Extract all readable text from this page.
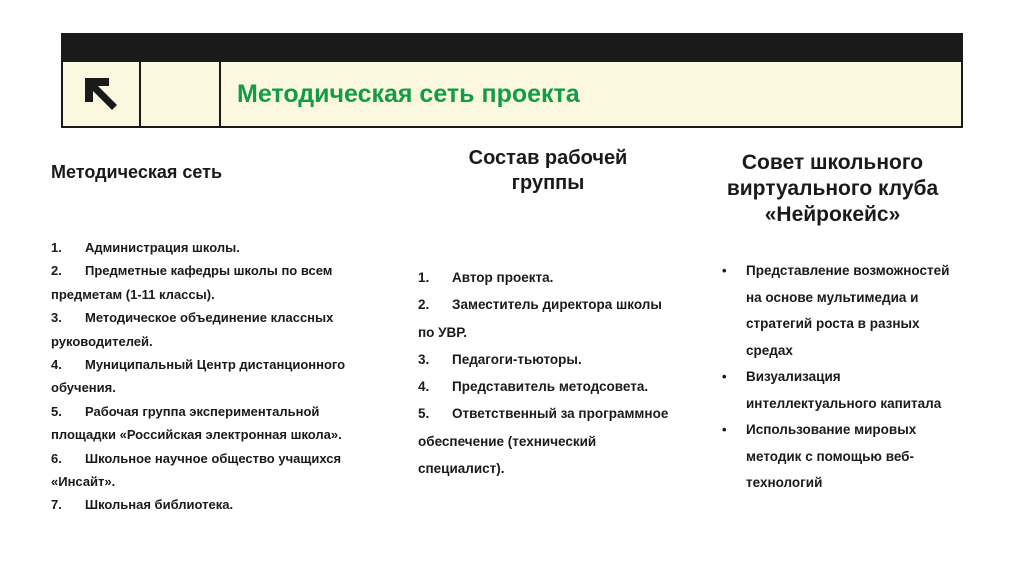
Методическая сеть проекта
Методическая сеть
1. Администрация школы.
2. Предметные кафедры школы по всем предметам (1-11 классы).
3. Методическое объединение классных руководителей.
4. Муниципальный Центр дистанционного обучения.
5. Рабочая группа экспериментальной площадки «Российская электронная школа».
6. Школьное научное общество учащихся «Инсайт».
7. Школьная библиотека.
Состав рабочей
группы
1. Автор проекта.
2. Заместитель директора школы по УВР.
3. Педагоги-тьюторы.
4. Представитель методсовета.
5. Ответственный за программное обеспечение (технический специалист).
Совет школьного
виртуального клуба
«Нейрокейс»
• Представление возможностей на основе мультимедиа и стратегий роста в разных средах
• Визуализация интеллектуального капитала
• Использование мировых методик с помощью веб-технологий
